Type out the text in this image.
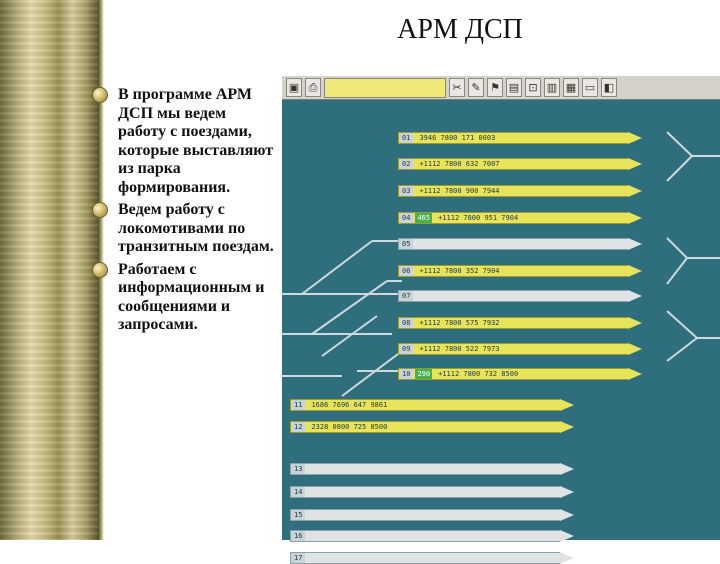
АРМ ДСП
В программе АРМ ДСП мы ведем работу с поездами, которые выставляют из парка формирования.
Ведем работу с локомотивами по транзитным поездам.
Работаем с информационным и сообщениями и запросами.
▣ ⎙	✂ ✎ ⚑ ▤ ⊡ ▥ ▦ ▭ ◧
01	3946 7800 171 0003
02	+1112 7800 632 7007
03	+1112 7800 900 7944
04	465	+1112 7800 951 7904
05
06	+1112 7800 352 7904
07
08	+1112 7800 575 7932
09	+1112 7800 522 7973
10	290	+1112 7800 732 8500
11	1686 7696 647 9861
12	2328 0800 725 8500
13
14
15
16
17
